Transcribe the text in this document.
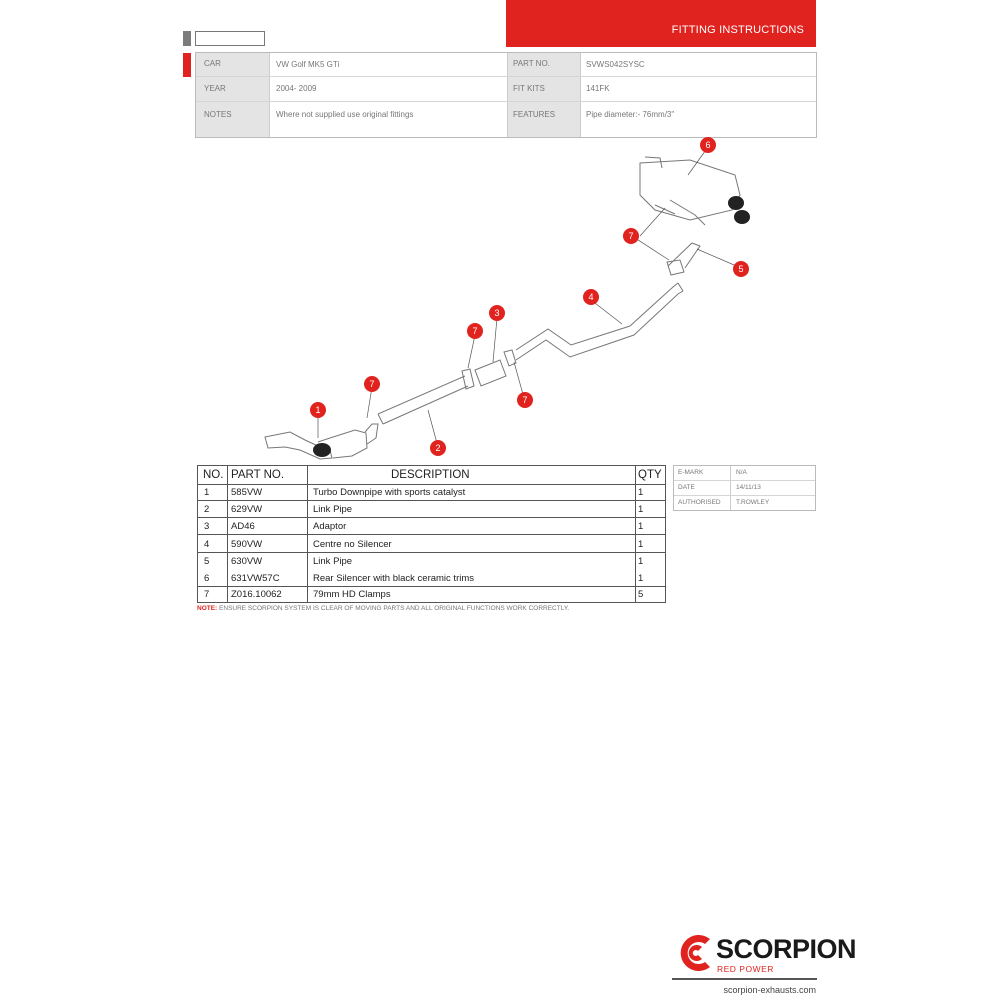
FITTING INSTRUCTIONS
CAR	VW Golf MK5 GTi
YEAR	2004- 2009
NOTES	Where not supplied use original fittings
PART NO.	SVWS042SYSC
FIT KITS	141FK
FEATURES	Pipe diameter:- 76mm/3"
1
2
3
4
5
6
7
7
7
7
NO. PART NO.	DESCRIPTION	QTY
1 585VW	Turbo Downpipe with sports catalyst	1
2 629VW	Link Pipe	1
3 AD46	Adaptor	1
4 590VW	Centre no Silencer	1
5 630VW	Link Pipe	1
6 631VW57C	Rear Silencer with black ceramic trims	1
7 Z016.10062	79mm HD Clamps	5
NOTE: ENSURE SCORPION SYSTEM IS CLEAR OF MOVING PARTS AND ALL ORIGINAL FUNCTIONS WORK CORRECTLY.
E-MARK	N/A
DATE	14/11/13
AUTHORISED T.ROWLEY
SCORPION
RED POWER
scorpion-exhausts.com
